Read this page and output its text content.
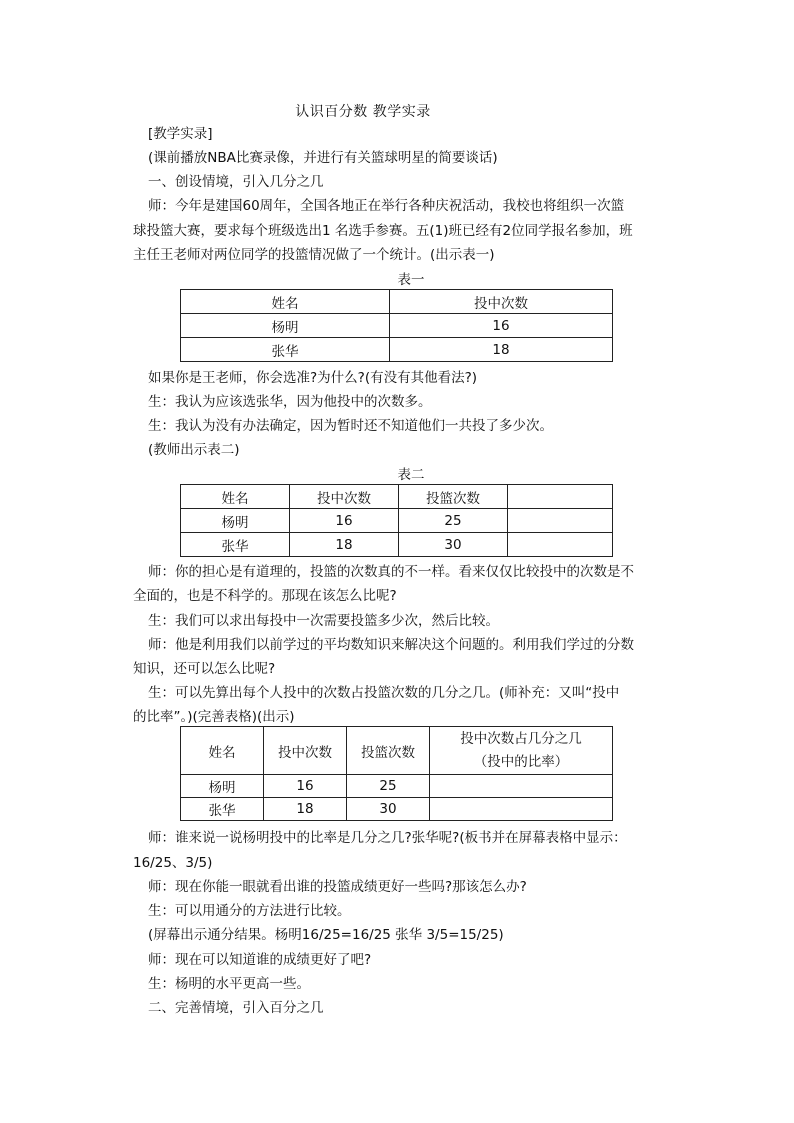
认识百分数 教学实录
[教学实录]
(课前播放NBA比赛录像，并进行有关篮球明星的简要谈话)
一、创设情境，引入几分之几
师：今年是建国60周年，全国各地正在举行各种庆祝活动，我校也将组织一次篮
球投篮大赛，要求每个班级选出1 名选手参赛。五(1)班已经有2位同学报名参加，班
主任王老师对两位同学的投篮情况做了一个统计。(出示表一)
表一
姓名	投中次数
杨明	16
张华	18
如果你是王老师，你会选准?为什么?(有没有其他看法?)
生：我认为应该选张华，因为他投中的次数多。
生：我认为没有办法确定，因为暂时还不知道他们一共投了多少次。
(教师出示表二)
表二
姓名	投中次数	投篮次数	
杨明	16	25	
张华	18	30	
师：你的担心是有道理的，投篮的次数真的不一样。看来仅仅比较投中的次数是不
全面的，也是不科学的。那现在该怎么比呢?
生：我们可以求出每投中一次需要投篮多少次，然后比较。
师：他是利用我们以前学过的平均数知识来解决这个问题的。利用我们学过的分数
知识，还可以怎么比呢?
生：可以先算出每个人投中的次数占投篮次数的几分之几。(师补充：又叫“投中
的比率”。)(完善表格)(出示)
姓名	投中次数	投篮次数	投中次数占几分之几
（投中的比率）

杨明	16	25	
张华	18	30	
师：谁来说一说杨明投中的比率是几分之几?张华呢?(板书并在屏幕表格中显示：
16/25、3/5)
师：现在你能一眼就看出谁的投篮成绩更好一些吗?那该怎么办?
生：可以用通分的方法进行比较。
(屏幕出示通分结果。杨明16/25=16/25 张华 3/5=15/25)
师：现在可以知道谁的成绩更好了吧?
生：杨明的水平更高一些。
二、完善情境，引入百分之几
